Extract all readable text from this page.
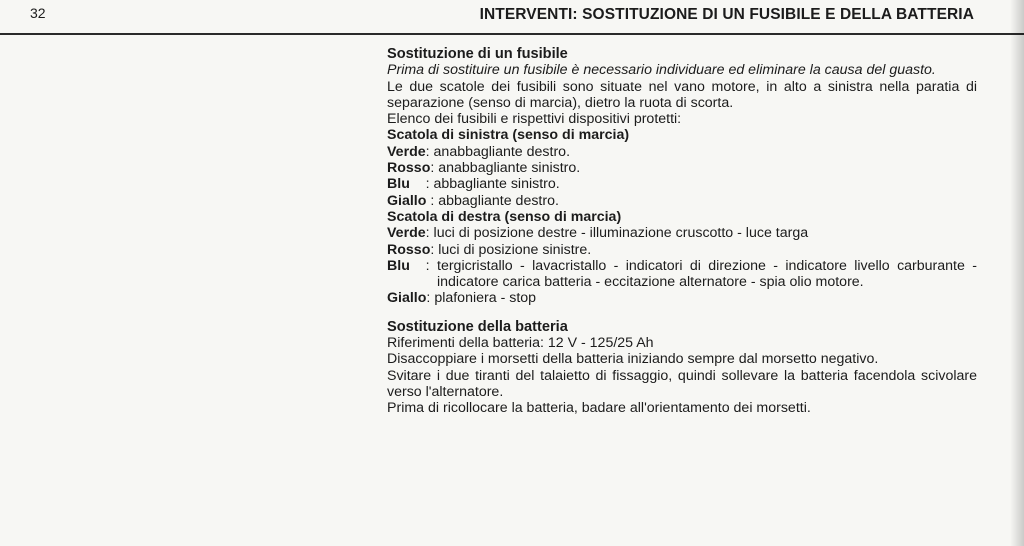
32	INTERVENTI: SOSTITUZIONE DI UN FUSIBILE E DELLA BATTERIA

Sostituzione di un fusibile

Prima di sostituire un fusibile è necessario individuare ed eliminare la causa del guasto.

Le due scatole dei fusibili sono situate nel vano motore, in alto a sinistra nella paratia di separazione (senso di marcia), dietro la ruota di scorta.

Elenco dei fusibili e rispettivi dispositivi protetti:

Scatola di sinistra (senso di marcia)

Verde : anabbagliante destro.
Rosso : anabbagliante sinistro.
Blu : abbagliante sinistro.
Giallo : abbagliante destro.

Scatola di destra (senso di marcia)

Verde : luci di posizione destre - illuminazione cruscotto - luce targa
Rosso : luci di posizione sinistre.
Blu    : tergicristallo - lavacristallo - indicatori di direzione - indicatore livello carburante - indicatore carica batteria - eccitazione alternatore - spia olio motore.
Giallo : plafoniera - stop

Sostituzione della batteria

Riferimenti della batteria: 12 V - 125/25 Ah

Disaccoppiare i morsetti della batteria iniziando sempre dal morsetto negativo.

Svitare i due tiranti del talaietto di fissaggio, quindi sollevare la batteria facendola scivolare verso l'alternatore.

Prima di ricollocare la batteria, badare all'orientamento dei morsetti.
